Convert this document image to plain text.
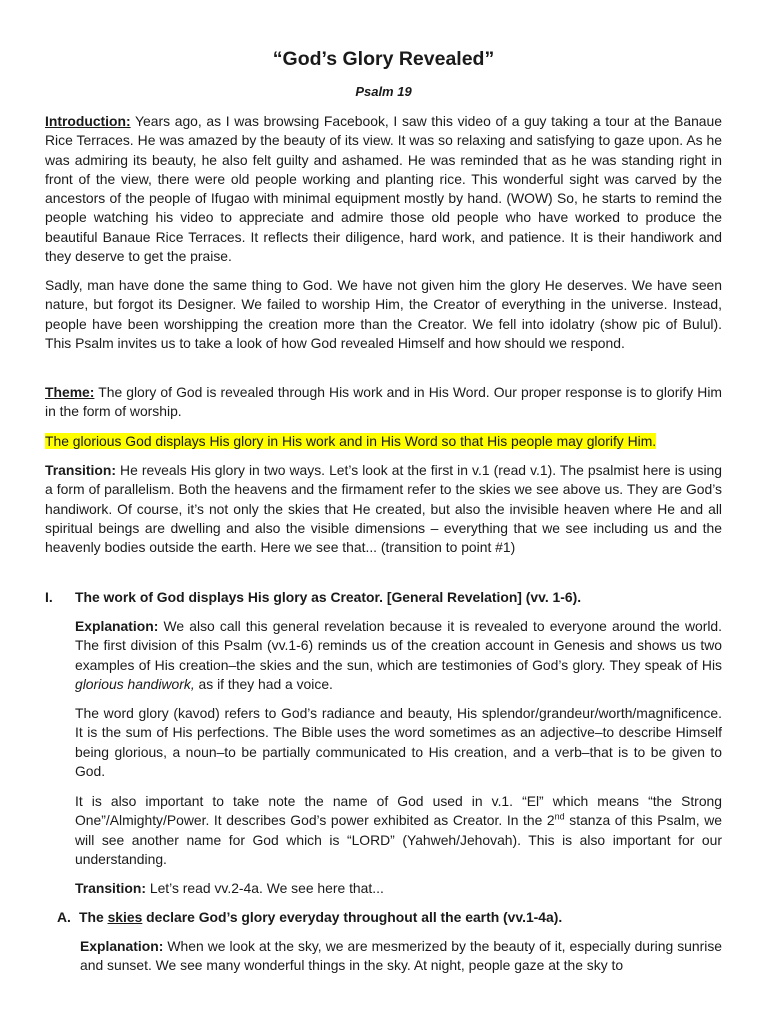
“God’s Glory Revealed”
Psalm 19

Introduction: Years ago, as I was browsing Facebook, I saw this video of a guy taking a tour at the Banaue Rice Terraces. He was amazed by the beauty of its view. It was so relaxing and satisfying to gaze upon. As he was admiring its beauty, he also felt guilty and ashamed. He was reminded that as he was standing right in front of the view, there were old people working and planting rice. This wonderful sight was carved by the ancestors of the people of Ifugao with minimal equipment mostly by hand. (WOW) So, he starts to remind the people watching his video to appreciate and admire those old people who have worked to produce the beautiful Banaue Rice Terraces. It reflects their diligence, hard work, and patience. It is their handiwork and they deserve to get the praise.

Sadly, man have done the same thing to God. We have not given him the glory He deserves. We have seen nature, but forgot its Designer. We failed to worship Him, the Creator of everything in the universe. Instead, people have been worshipping the creation more than the Creator. We fell into idolatry (show pic of Bulul). This Psalm invites us to take a look of how God revealed Himself and how should we respond.

Theme: The glory of God is revealed through His work and in His Word. Our proper response is to glorify Him in the form of worship.

The glorious God displays His glory in His work and in His Word so that His people may glorify Him.

Transition: He reveals His glory in two ways. Let’s look at the first in v.1 (read v.1). The psalmist here is using a form of parallelism. Both the heavens and the firmament refer to the skies we see above us. They are God’s handiwork. Of course, it’s not only the skies that He created, but also the invisible heaven where He and all spiritual beings are dwelling and also the visible dimensions – everything that we see including us and the heavenly bodies outside the earth. Here we see that... (transition to point #1)

I. The work of God displays His glory as Creator. [General Revelation] (vv. 1-6).

Explanation: We also call this general revelation because it is revealed to everyone around the world. The first division of this Psalm (vv.1-6) reminds us of the creation account in Genesis and shows us two examples of His creation–the skies and the sun, which are testimonies of God’s glory. They speak of His glorious handiwork, as if they had a voice.

The word glory (kavod) refers to God’s radiance and beauty, His splendor/grandeur/worth/magnificence. It is the sum of His perfections. The Bible uses the word sometimes as an adjective–to describe Himself being glorious, a noun–to be partially communicated to His creation, and a verb–that is to be given to God.

It is also important to take note the name of God used in v.1. “El” which means “the Strong One”/Almighty/Power. It describes God’s power exhibited as Creator. In the 2nd stanza of this Psalm, we will see another name for God which is “LORD” (Yahweh/Jehovah). This is also important for our understanding.

Transition: Let’s read vv.2-4a. We see here that...

A. The skies declare God’s glory everyday throughout all the earth (vv.1-4a).

Explanation: When we look at the sky, we are mesmerized by the beauty of it, especially during sunrise and sunset. We see many wonderful things in the sky. At night, people gaze at the sky to
